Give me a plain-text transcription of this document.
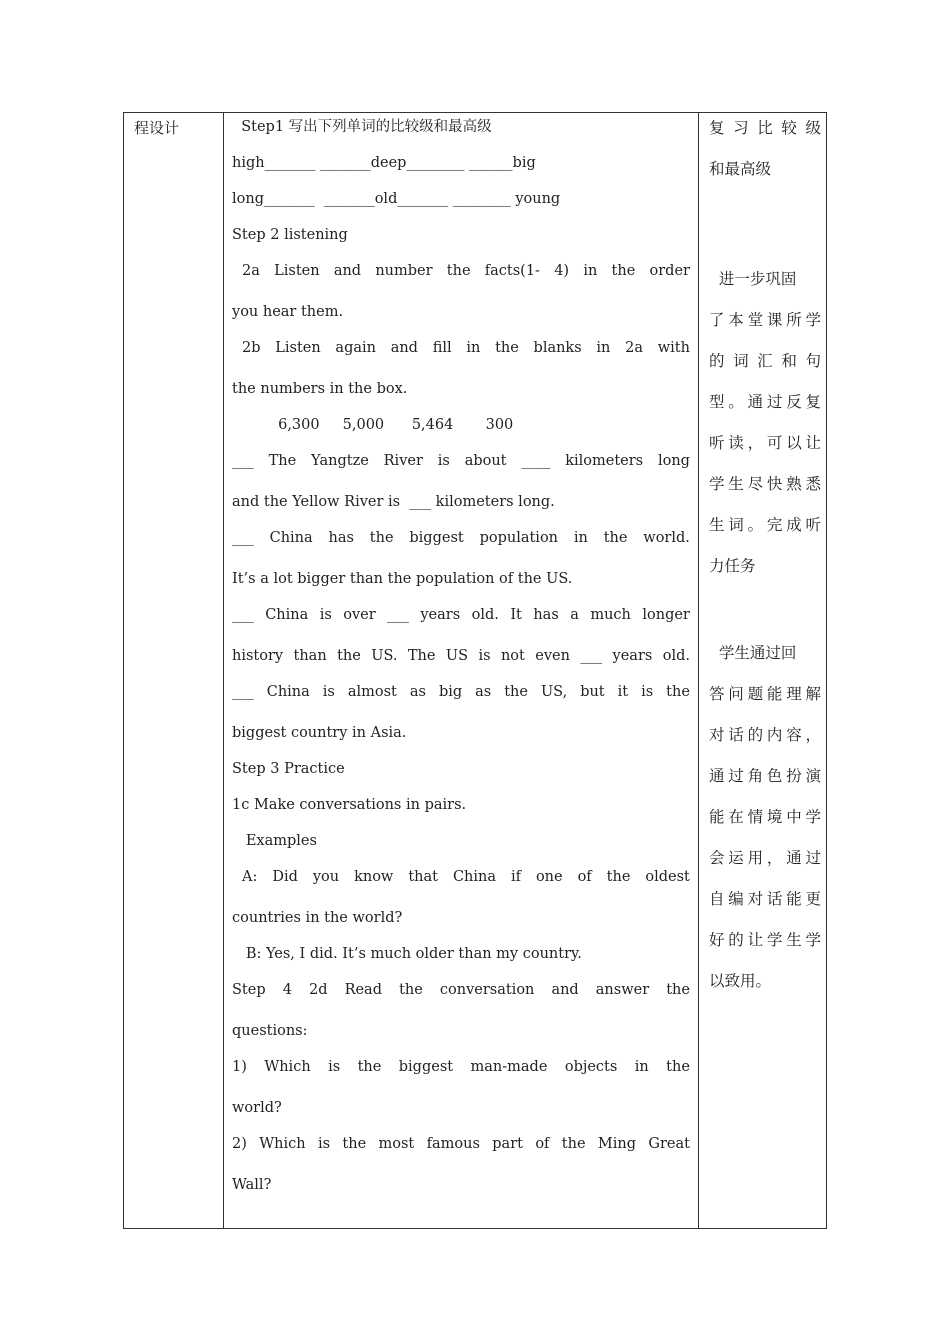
程设计	Step1 写出下列单词的比较级和最高级
high_______ _______deep________ ______big
long_______  _______old_______ ________ young
Step 2 listening
2a Listen and number the facts(1- 4) in the order
you hear them.
2b Listen again and fill in the blanks in 2a with
the numbers in the box.
6,300     5,000      5,464       300
___ The Yangtze River is about ____ kilometers long
and the Yellow River is  ___ kilometers long.
___ China has the biggest population in the world.
It’s a lot bigger than the population of the US.
___ China is over ___ years old. It has a much longer
history than the US. The US is not even ___ years old.
___ China is almost as big as the US, but it is the
biggest country in Asia.
Step 3 Practice
1c Make conversations in pairs.
Examples
A: Did you know that China if one of the oldest
countries in the world?
B: Yes, I did. It’s much older than my country.
Step 4 2d Read the conversation and answer the
questions:
1) Which is the biggest man-made objects in the
world?
2) Which is the most famous part of the Ming Great
Wall?
复 习 比 较 级
和最高级
进一步巩固
了 本 堂 课 所 学
的 词 汇 和 句
型 。 通 过 反 复
听 读 ， 可 以 让
学 生 尽 快 熟 悉
生 词 。 完 成 听
力任务
学生通过回
答 问 题 能 理 解
对 话 的 内 容 ，
通 过 角 色 扮 演
能 在 情 境 中 学
会 运 用 ， 通 过
自 编 对 话 能 更
好 的 让 学 生 学
以致用。
